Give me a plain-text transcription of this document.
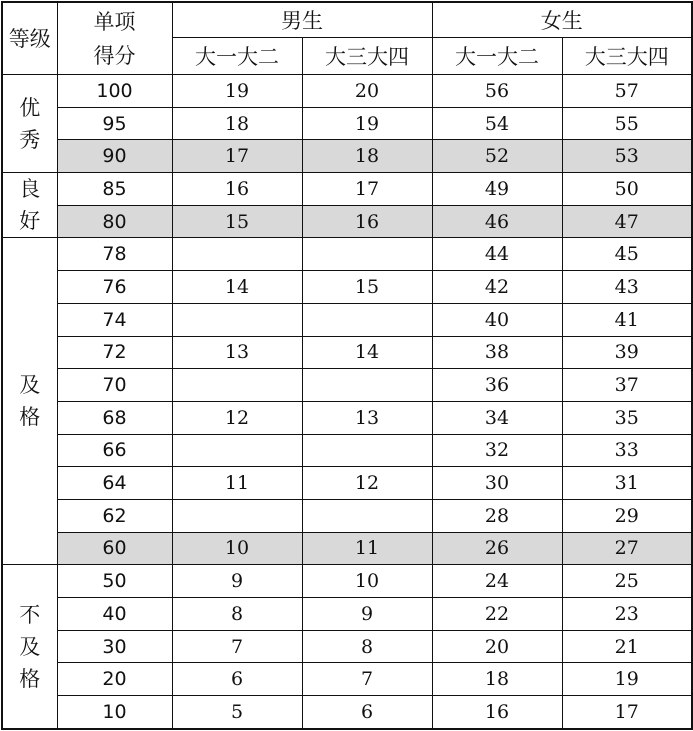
等级	单项得分	男生		女生	
		大一大二	大三大四	大一大二	大三大四

优秀	100	19	20	56	57
	95	18	19	54	55
	90	17	18	52	53

良好	85	16	17	49	50
	80	15	16	46	47

及格	78			44	45
	76	14	15	42	43
	74			40	41
	72	13	14	38	39
	70			36	37
	68	12	13	34	35
	66			32	33
	64	11	12	30	31
	62			28	29
	60	10	11	26	27

不及格	50	9	10	24	25
	40	8	9	22	23
	30	7	8	20	21
	20	6	7	18	19
	10	5	6	16	17
